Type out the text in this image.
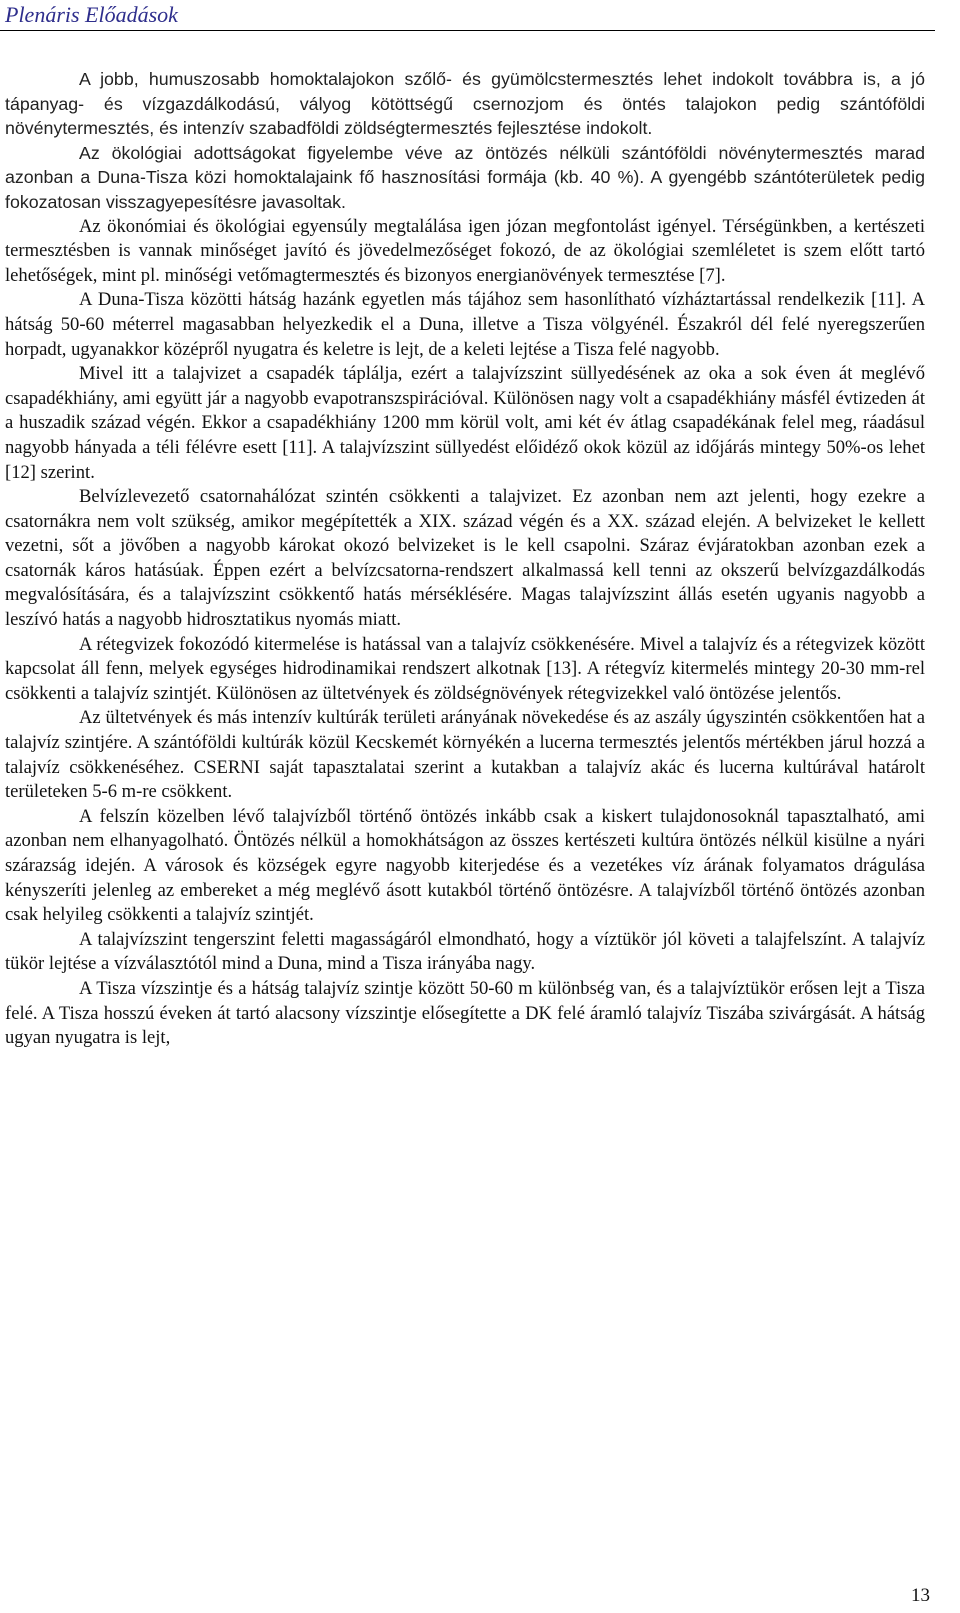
Plenáris Előadások

A jobb, humuszosabb homoktalajokon szőlő- és gyümölcstermesztés lehet indokolt továbbra is, a jó tápanyag- és vízgazdálkodású, vályog kötöttségű csernozjom és öntés talajokon pedig szántóföldi növénytermesztés, és intenzív szabadföldi zöldségtermesztés fejlesztése indokolt.

Az ökológiai adottságokat figyelembe véve az öntözés nélküli szántóföldi növénytermesztés marad azonban a Duna-Tisza közi homoktalajaink fő hasznosítási formája (kb. 40 %). A gyengébb szántóterületek pedig fokozatosan visszagyepesítésre javasoltak.

Az ökonómiai és ökológiai egyensúly megtalálása igen józan megfontolást igényel. Térségünkben, a kertészeti termesztésben is vannak minőséget javító és jövedelmezőséget fokozó, de az ökológiai szemléletet is szem előtt tartó lehetőségek, mint pl. minőségi vetőmagtermesztés és bizonyos energianövények termesztése [7].

A Duna-Tisza közötti hátság hazánk egyetlen más tájához sem hasonlítható vízháztartással rendelkezik [11]. A hátság 50-60 méterrel magasabban helyezkedik el a Duna, illetve a Tisza völgyénél. Északról dél felé nyeregszerűen horpadt, ugyanakkor középről nyugatra és keletre is lejt, de a keleti lejtése a Tisza felé nagyobb.

Mivel itt a talajvizet a csapadék táplálja, ezért a talajvízszint süllyedésének az oka a sok éven át meglévő csapadékhiány, ami együtt jár a nagyobb evapotranszspirációval. Különösen nagy volt a csapadékhiány másfél évtizeden át a huszadik század végén. Ekkor a csapadékhiány 1200 mm körül volt, ami két év átlag csapadékának felel meg, ráadásul nagyobb hányada a téli félévre esett [11]. A talajvízszint süllyedést előidéző okok közül az időjárás mintegy 50%-os lehet [12] szerint.

Belvízlevezető csatornahálózat szintén csökkenti a talajvizet. Ez azonban nem azt jelenti, hogy ezekre a csatornákra nem volt szükség, amikor megépítették a XIX. század végén és a XX. század elején. A belvizeket le kellett vezetni, sőt a jövőben a nagyobb károkat okozó belvizeket is le kell csapolni. Száraz évjáratokban azonban ezek a csatornák káros hatásúak. Éppen ezért a belvízcsatorna-rendszert alkalmassá kell tenni az okszerű belvízgazdálkodás megvalósítására, és a talajvízszint csökkentő hatás mérséklésére. Magas talajvízszint állás esetén ugyanis nagyobb a leszívó hatás a nagyobb hidrosztatikus nyomás miatt.

A rétegvizek fokozódó kitermelése is hatással van a talajvíz csökkenésére. Mivel a talajvíz és a rétegvizek között kapcsolat áll fenn, melyek egységes hidrodinamikai rendszert alkotnak [13]. A rétegvíz kitermelés mintegy 20-30 mm-rel csökkenti a talajvíz szintjét. Különösen az ültetvények és zöldségnövények rétegvizekkel való öntözése jelentős.

Az ültetvények és más intenzív kultúrák területi arányának növekedése és az aszály úgyszintén csökkentően hat a talajvíz szintjére. A szántóföldi kultúrák közül Kecskemét környékén a lucerna termesztés jelentős mértékben járul hozzá a talajvíz csökkenéséhez. CSERNI saját tapasztalatai szerint a kutakban a talajvíz akác és lucerna kultúrával határolt területeken 5-6 m-re csökkent.

A felszín közelben lévő talajvízből történő öntözés inkább csak a kiskert tulajdonosoknál tapasztalható, ami azonban nem elhanyagolható. Öntözés nélkül a homokhátságon az összes kertészeti kultúra öntözés nélkül kisülne a nyári szárazság idején. A városok és községek egyre nagyobb kiterjedése és a vezetékes víz árának folyamatos drágulása kényszeríti jelenleg az embereket a még meglévő ásott kutakból történő öntözésre. A talajvízből történő öntözés azonban csak helyileg csökkenti a talajvíz szintjét.

A talajvízszint tengerszint feletti magasságáról elmondható, hogy a víztükör jól követi a talajfelszínt. A talajvíz tükör lejtése a vízválasztótól mind a Duna, mind a Tisza irányába nagy.

A Tisza vízszintje és a hátság talajvíz szintje között 50-60 m különbség van, és a talajvíztükör erősen lejt a Tisza felé. A Tisza hosszú éveken át tartó alacsony vízszintje elősegítette a DK felé áramló talajvíz Tiszába szivárgását. A hátság ugyan nyugatra is lejt,

13
